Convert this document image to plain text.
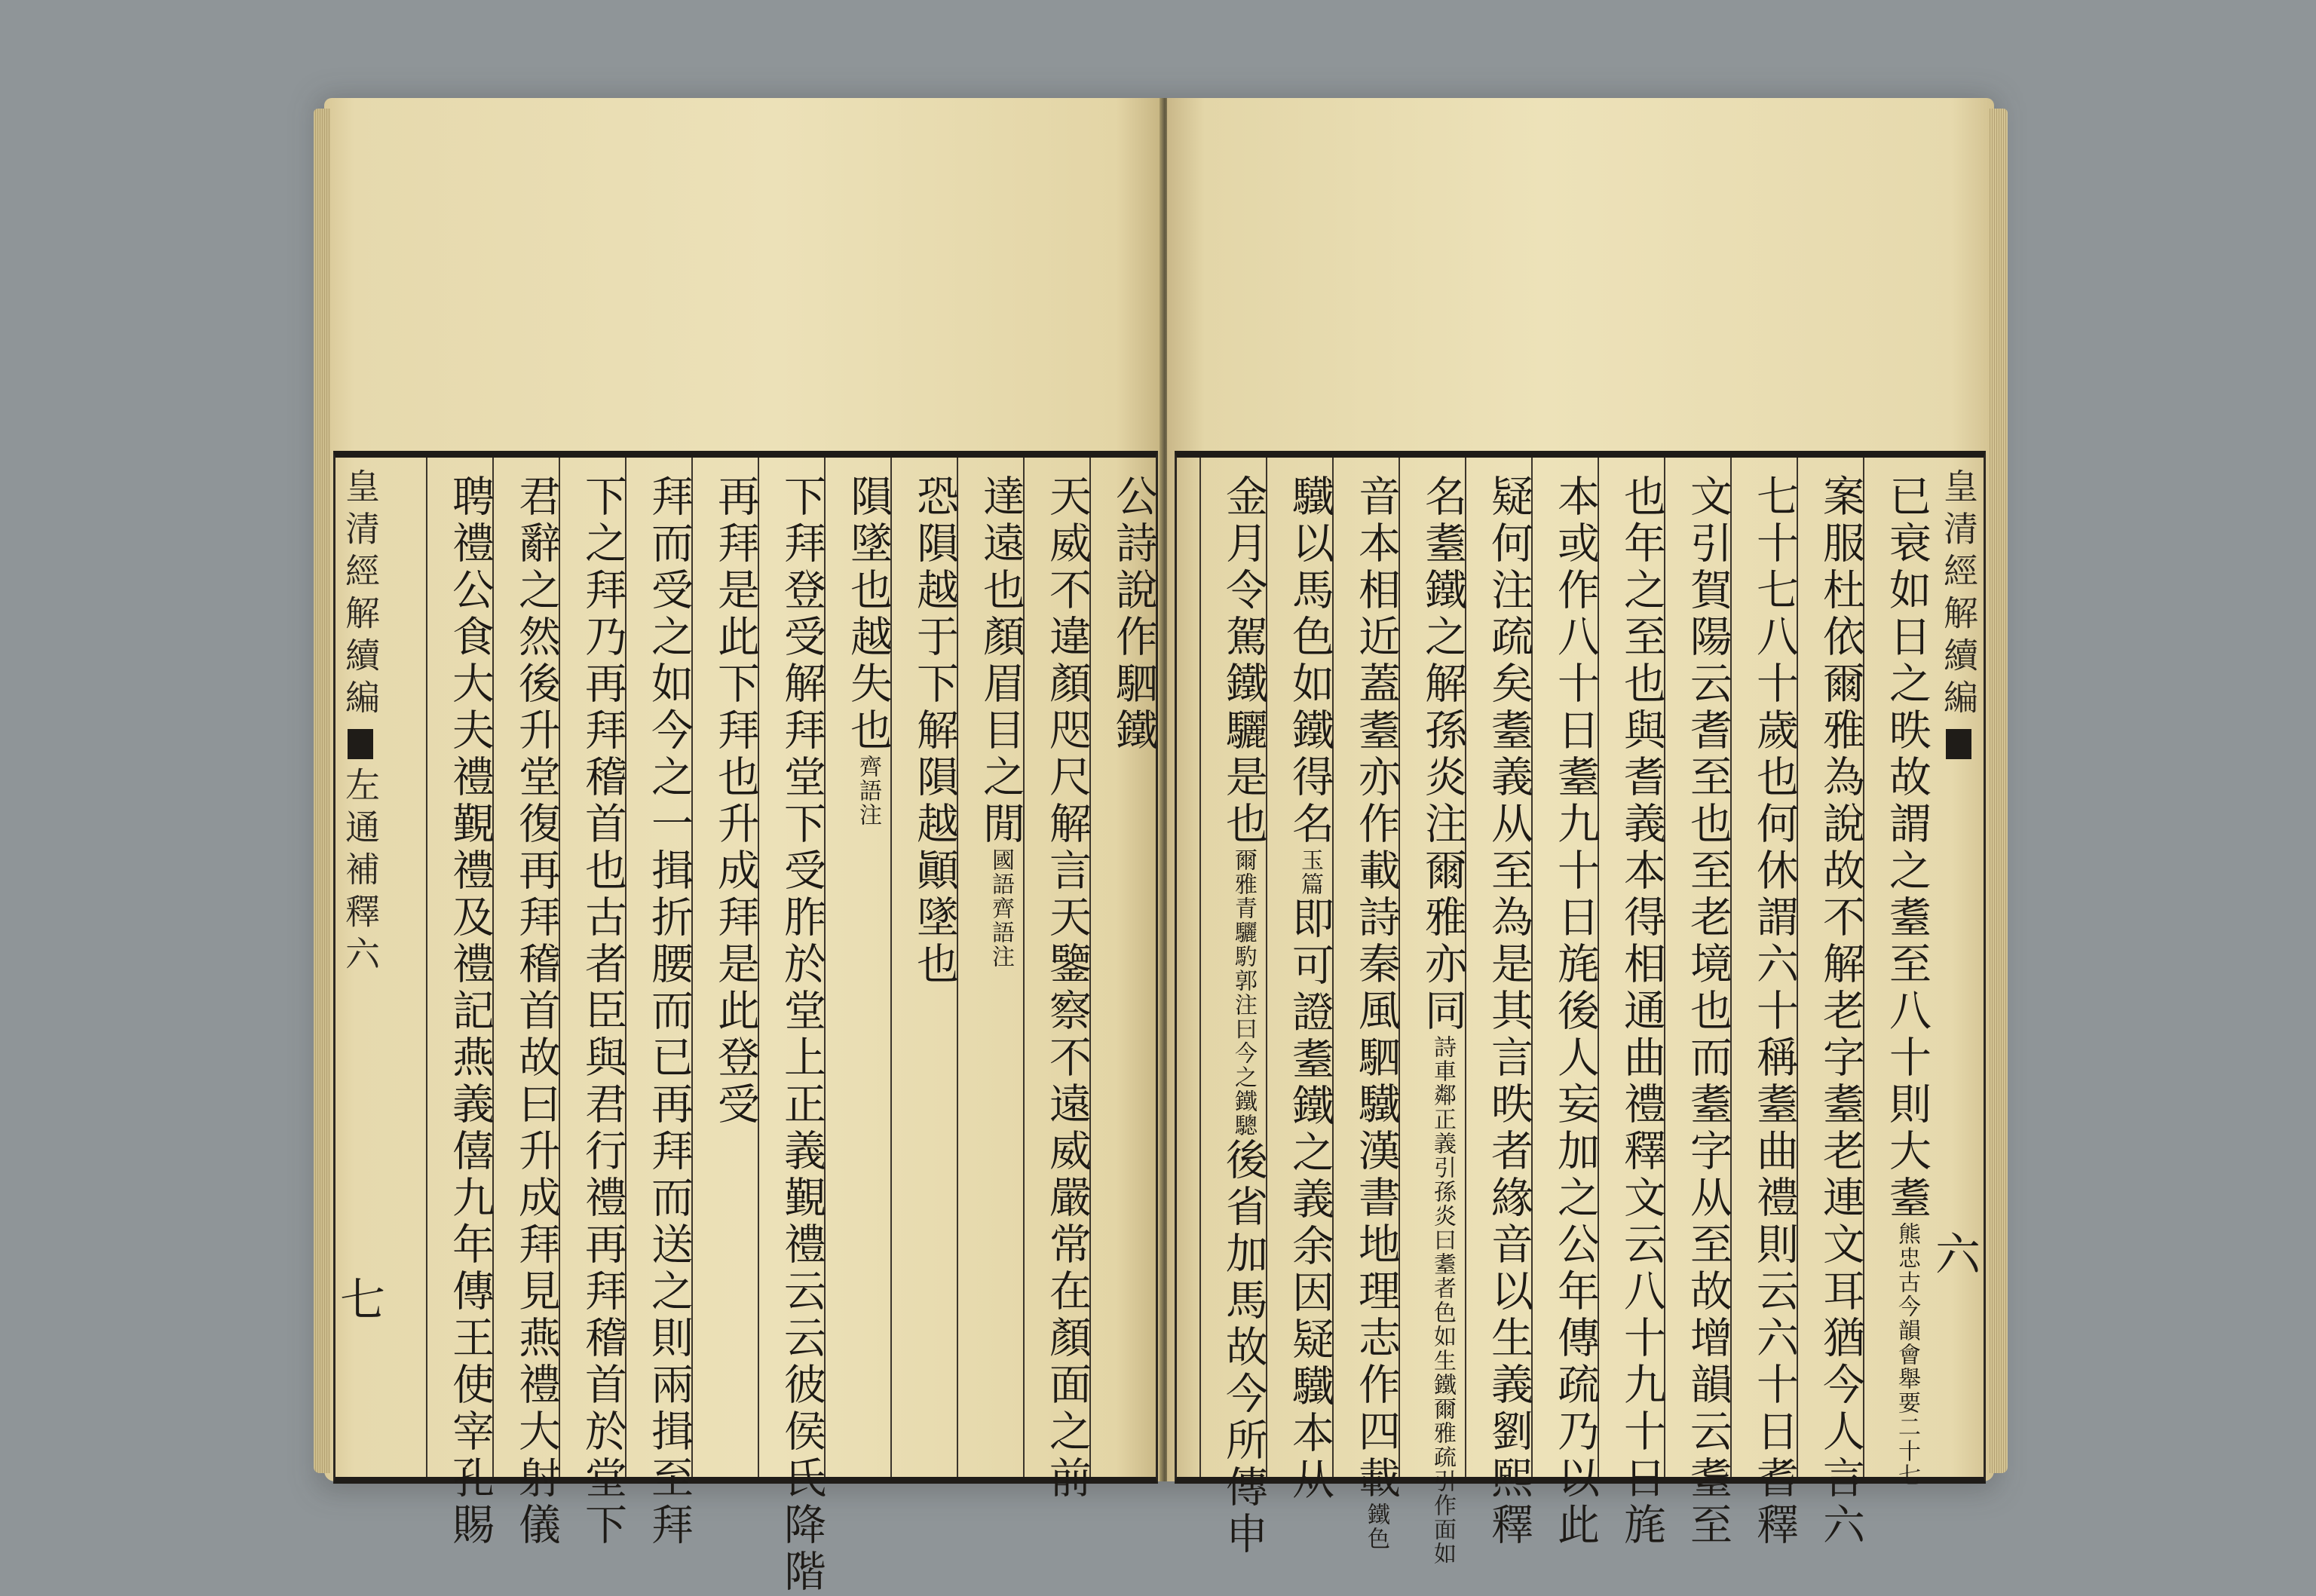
皇清經解續編左通補釋六
七
公詩說作駟鐵
天威不違顏咫尺解言天鑒察不遠威嚴常在顏面之前
達遠也顏眉目之閒國語齊語注
恐隕越于下解隕越顚墜也
隕墜也越失也齊語注
下拜登受解拜堂下受胙於堂上正義覲禮云云彼侯氏降階
再拜是此下拜也升成拜是此登受
拜而受之如今之一揖折腰而已再拜而送之則兩揖至拜
下之拜乃再拜稽首也古者臣與君行禮再拜稽首於堂下
君辭之然後升堂復再拜稽首故曰升成拜見燕禮大射儀
聘禮公食大夫禮覲禮及禮記燕義僖九年傳王使宰孔賜	皇清經解續編
六
已衰如日之昳故謂之耋至八十則大耋熊忠古今韻會舉要二十七
案服杜依爾雅為說故不解老字耋老連文耳猶今人言六
七十七八十歲也何休謂六十稱耋曲禮則云六十日耆釋
文引賀陽云耆至也至老境也而耋字从至故增韻云耋至
也年之至也與耆義本得相通曲禮釋文云八十九十日旄
本或作八十日耋九十日旄後人妄加之公年傳疏乃以此
疑何注疏矣耋義从至為是其言昳者緣音以生義劉熙釋
名耋鐵之解孫炎注爾雅亦同詩車鄰正義引孫炎曰耋者色如生鐵爾雅疏引作面如
音本相近蓋耋亦作載詩秦風駟驖漢書地理志作四載鐵色
驖以馬色如鐵得名玉篇即可證耋鐵之義余因疑驖本从
金月令駕鐵驪是也爾雅青驪馰郭注曰今之鐵驄後省加馬故今所傳申
